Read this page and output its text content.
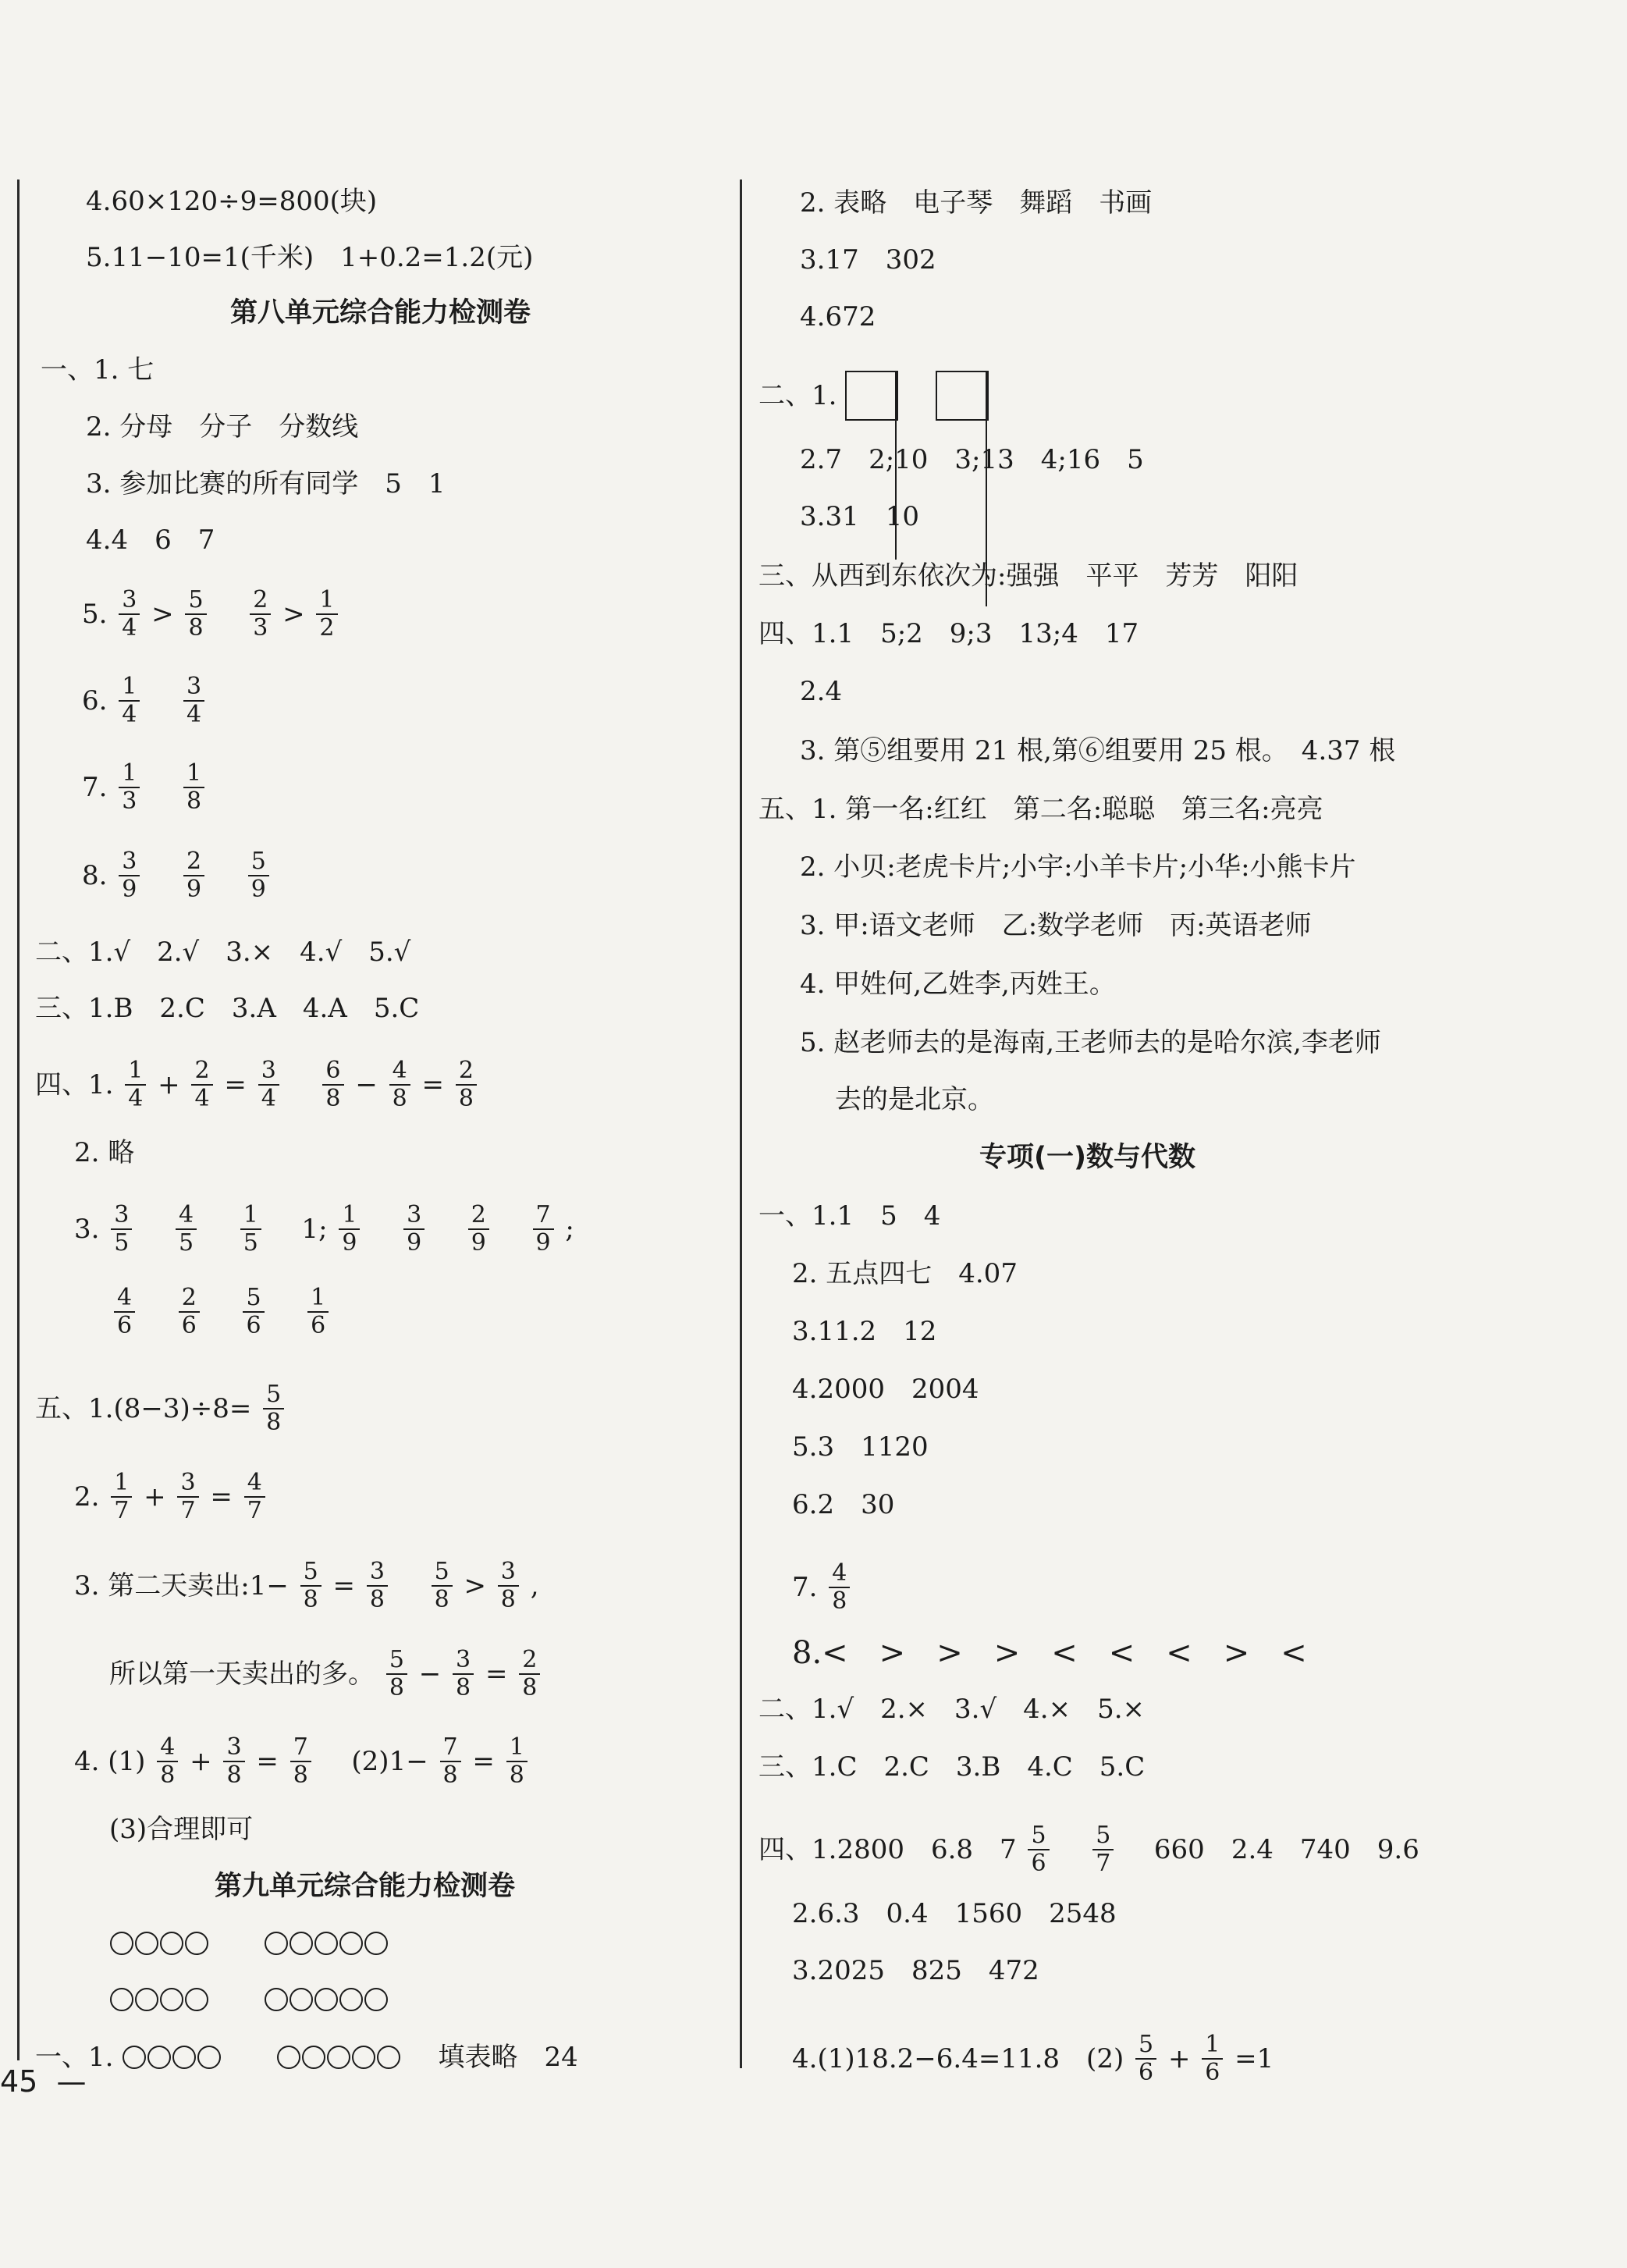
4.60×120÷9=800(块)
5.11−10=1(千米)　1+0.2=1.2(元)
第八单元综合能力检测卷
一、1. 七
2. 分母　分子　分数线
3. 参加比赛的所有同学　5　1
4.4　6　7
5. $\frac{3}{4} > \frac{5}{8}$
$\frac{2}{3} > \frac{1}{2}$
6. $\frac{1}{4}$
$\frac{3}{4}$
7. $\frac{1}{3}$
$\frac{1}{8}$
8. $\frac{3}{9}$
$\frac{2}{9}$
$\frac{5}{9}$
二、1.√　2.√　3.×　4.√　5.√
三、1.B　2.C　3.A　4.A　5.C
四、1. $\frac{1}{4} + \frac{2}{4} = \frac{3}{4}$
$\frac{6}{8} - \frac{4}{8} = \frac{2}{8}$
2. 略
3. $\frac{3}{5}$
$\frac{4}{5}$
$\frac{1}{5} 1$; $\frac{1}{9}$
$\frac{3}{9}$
$\frac{2}{9}$
$\frac{7}{9}$ ;
$\frac{4}{6}$
$\frac{2}{6}$
$\frac{5}{6}$
$\frac{1}{6}$
五、$1.(8-3)\div 8= \frac{5}{8}$
2. $\frac{1}{7} + \frac{3}{7} = \frac{4}{7}$
3. 第二天卖出:1− $\frac{5}{8} = \frac{3}{8}$
$\frac{5}{8} > \frac{3}{8}$ ,
所以第一天卖出的多。 $\frac{5}{8} - \frac{3}{8} = \frac{2}{8}$
4. $(1) \frac{4}{8} + \frac{3}{8} = \frac{7}{8} (2)1- \frac{7}{8} = \frac{1}{8}$
(3)合理即可
第九单元综合能力检测卷

一、1.	填表略　24
2. 表略　电子琴　舞蹈　书画
3.17　302
4.672
二、1.

2.7　2;10　3;13　4;16　5
3.31　10
三、从西到东依次为:强强　平平　芳芳　阳阳
四、1.1　5;2　9;3　13;4　17
2.4
3. 第⑤组要用 21 根,第⑥组要用 25 根。　4.37 根
五、1. 第一名:红红　第二名:聪聪　第三名:亮亮
2. 小贝:老虎卡片;小宇:小羊卡片;小华:小熊卡片
3. 甲:语文老师　乙:数学老师　丙:英语老师
4. 甲姓何,乙姓李,丙姓王。
5. 赵老师去的是海南,王老师去的是哈尔滨,李老师
去的是北京。
专项(一)数与代数
一、1.1　5　4
2. 五点四七　4.07
3.11.2　12
4.2000　2004
5.3　1120
6.2　30
7. $\frac{4}{8}$
8.<　>　>　>　<　<　<　>　<
二、1.√　2.×　3.√　4.×　5.×
三、1.C　2.C　3.B　4.C　5.C
四、1.2800　6.8　$7 \frac{5}{6}$
$\frac{5}{7} 660$　2.4　740　9.6
2.6.3　0.4　1560　2548
3.2025　825　472
4.(1)18.2−6.4=11.8　$(2) \frac{5}{6} + \frac{1}{6} =1$
45 —
